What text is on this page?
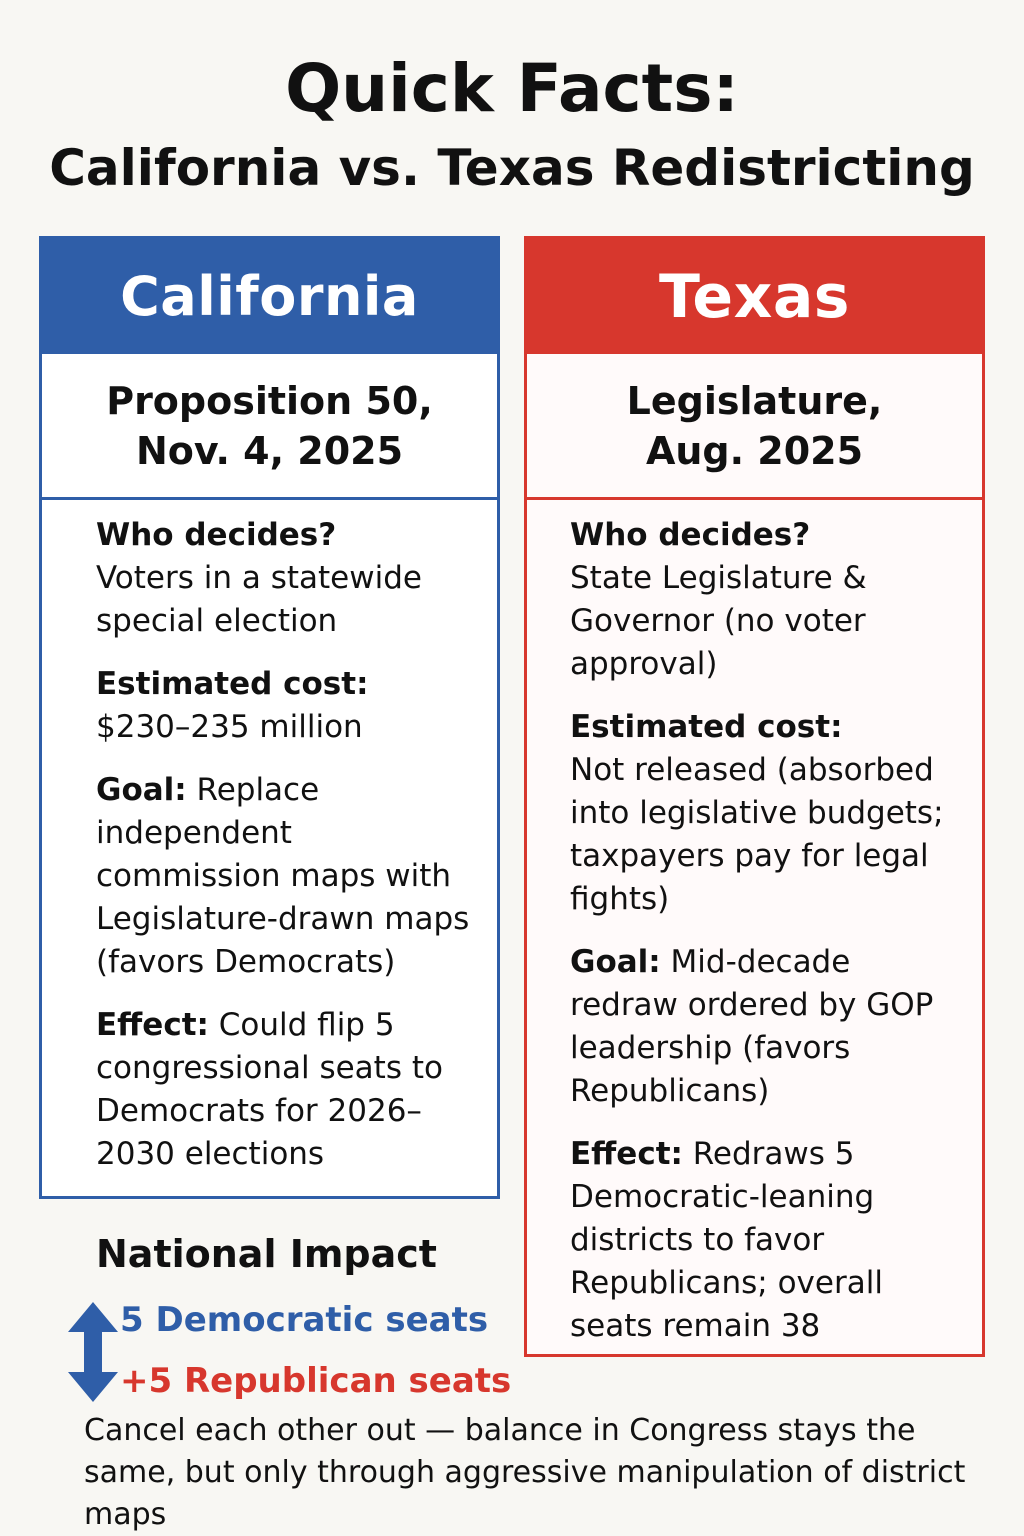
Quick Facts:
California vs. Texas Redistricting
California
Proposition 50,
Nov. 4, 2025

Who decides?
Voters in a statewide special election

Estimated cost:
$230–235 million

Goal: Replace independent commission maps with Legislature-drawn maps (favors Democrats)

Effect: Could flip 5 congressional seats to Democrats for 2026–2030 elections

Texas
Legislature,
Aug. 2025

Who decides?
State Legislature & Governor (no voter approval)

Estimated cost:
Not released (absorbed into legislative budgets; taxpayers pay for legal fights)

Goal: Mid-decade redraw ordered by GOP leadership (favors Republicans)

Effect: Redraws 5 Democratic-leaning districts to favor Republicans; overall seats remain 38

National Impact
5 Democratic seats
+5 Republican seats

Cancel each other out — balance in Congress stays the same, but only through aggressive manipulation of district maps
